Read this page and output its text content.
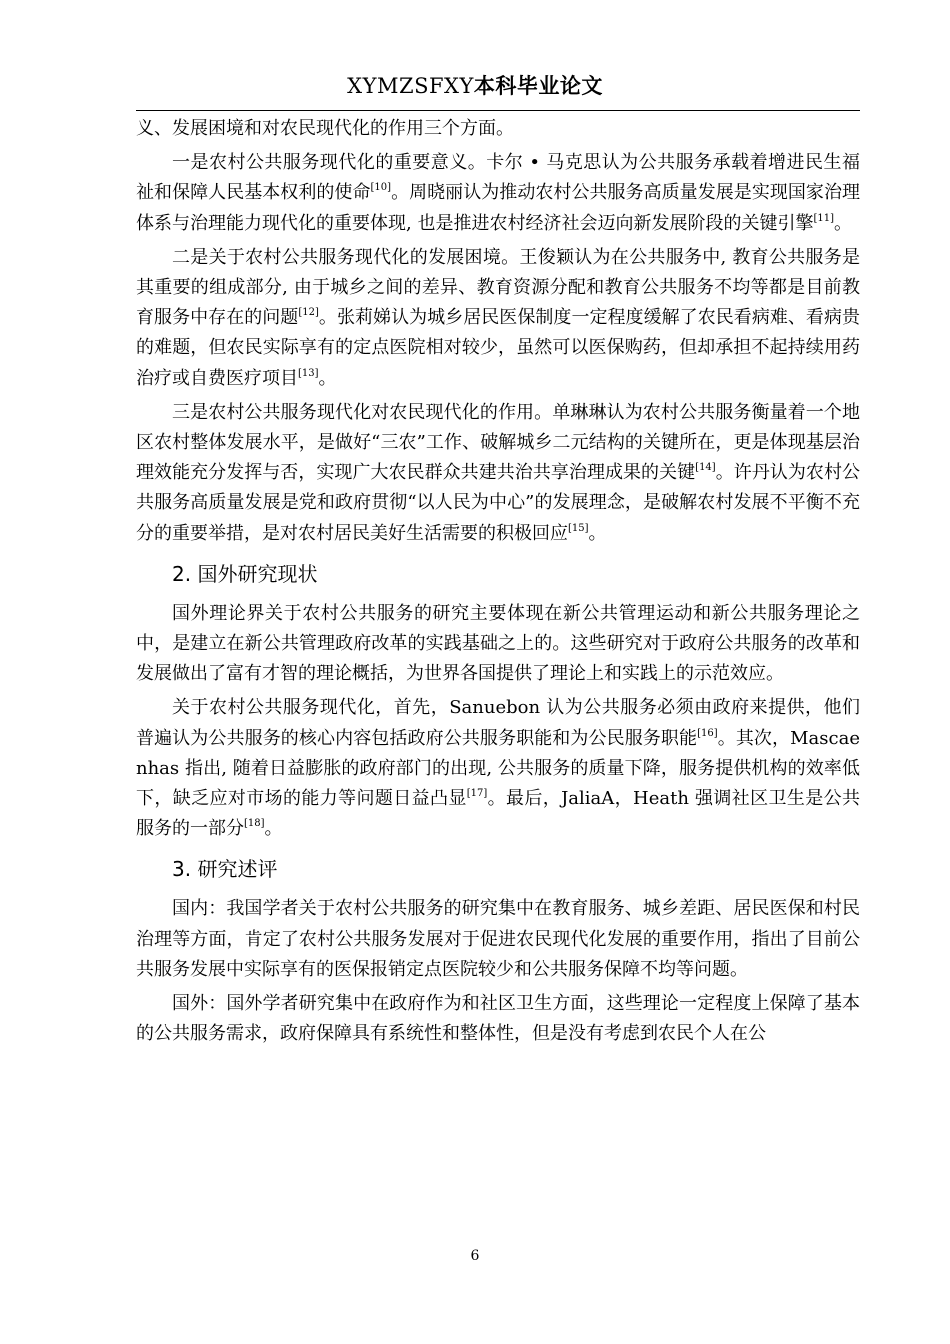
XYMZSFXY本科毕业论文

义、发展困境和对农民现代化的作用三个方面。

一是农村公共服务现代化的重要意义。卡尔 • 马克思认为公共服务承载着增进民生福祉和保障人民基本权利的使命[10]。周晓丽认为推动农村公共服务高质量发展是实现国家治理体系与治理能力现代化的重要体现, 也是推进农村经济社会迈向新发展阶段的关键引擎[11]。

二是关于农村公共服务现代化的发展困境。王俊颖认为在公共服务中, 教育公共服务是其重要的组成部分, 由于城乡之间的差异、教育资源分配和教育公共服务不均等都是目前教育服务中存在的问题[12]。张莉娣认为城乡居民医保制度一定程度缓解了农民看病难、看病贵的难题，但农民实际享有的定点医院相对较少，虽然可以医保购药，但却承担不起持续用药治疗或自费医疗项目[13]。

三是农村公共服务现代化对农民现代化的作用。单琳琳认为农村公共服务衡量着一个地区农村整体发展水平，是做好“三农”工作、破解城乡二元结构的关键所在，更是体现基层治理效能充分发挥与否，实现广大农民群众共建共治共享治理成果的关键[14]。许丹认为农村公共服务高质量发展是党和政府贯彻“以人民为中心”的发展理念，是破解农村发展不平衡不充分的重要举措，是对农村居民美好生活需要的积极回应[15]。

2. 国外研究现状

国外理论界关于农村公共服务的研究主要体现在新公共管理运动和新公共服务理论之中，是建立在新公共管理政府改革的实践基础之上的。这些研究对于政府公共服务的改革和发展做出了富有才智的理论概括，为世界各国提供了理论上和实践上的示范效应。

关于农村公共服务现代化，首先，Sanuebon 认为公共服务必须由政府来提供，他们普遍认为公共服务的核心内容包括政府公共服务职能和为公民服务职能[16]。其次，Mascaenhas 指出, 随着日益膨胀的政府部门的出现, 公共服务的质量下降，服务提供机构的效率低下，缺乏应对市场的能力等问题日益凸显[17]。最后，JaliaA，Heath 强调社区卫生是公共服务的一部分[18]。

3. 研究述评

国内：我国学者关于农村公共服务的研究集中在教育服务、城乡差距、居民医保和村民治理等方面，肯定了农村公共服务发展对于促进农民现代化发展的重要作用，指出了目前公共服务发展中实际享有的医保报销定点医院较少和公共服务保障不均等问题。

国外：国外学者研究集中在政府作为和社区卫生方面，这些理论一定程度上保障了基本的公共服务需求，政府保障具有系统性和整体性，但是没有考虑到农民个人在公

6
